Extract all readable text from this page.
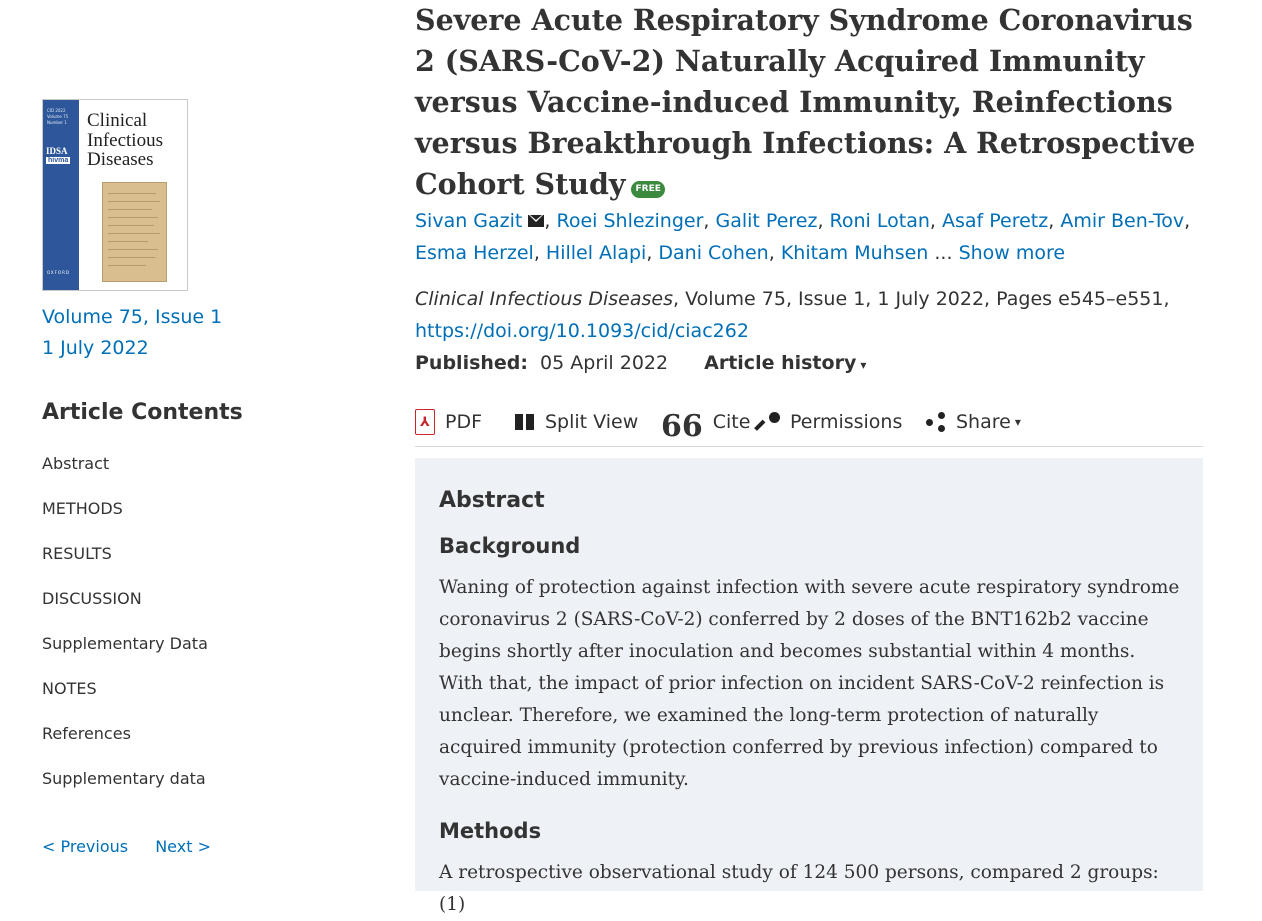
CID 2022
Volume 75
Number 1
IDSA
hivma
OXFORD
Clinical Infectious Diseases
Volume 75, Issue 1
1 July 2022
Article Contents
Abstract
METHODS
RESULTS
DISCUSSION
Supplementary Data
NOTES
References
Supplementary data
< Previous Next >
Severe Acute Respiratory Syndrome Coronavirus 2 (SARS-CoV-2) Naturally Acquired Immunity versus Vaccine-induced Immunity, Reinfections versus Breakthrough Infections: A Retrospective Cohort Study FREE
Sivan Gazit , Roei Shlezinger, Galit Perez, Roni Lotan, Asaf Peretz, Amir Ben-Tov, Esma Herzel, Hillel Alapi, Dani Cohen, Khitam Muhsen ... Show more
Clinical Infectious Diseases, Volume 75, Issue 1, 1 July 2022, Pages e545–e551,
https://doi.org/10.1093/cid/ciac262
Published: 05 April 2022 Article history ▾
⅄ PDF	Split View 66 Cite Permissions	Share ▾
Abstract
Background

Waning of protection against infection with severe acute respiratory syndrome coronavirus 2 (SARS-CoV-2) conferred by 2 doses of the BNT162b2 vaccine begins shortly after inoculation and becomes substantial within 4 months. With that, the impact of prior infection on incident SARS-CoV-2 reinfection is unclear. Therefore, we examined the long-term protection of naturally acquired immunity (protection conferred by previous infection) compared to vaccine-induced immunity.

Methods

A retrospective observational study of 124 500 persons, compared 2 groups: (1)
